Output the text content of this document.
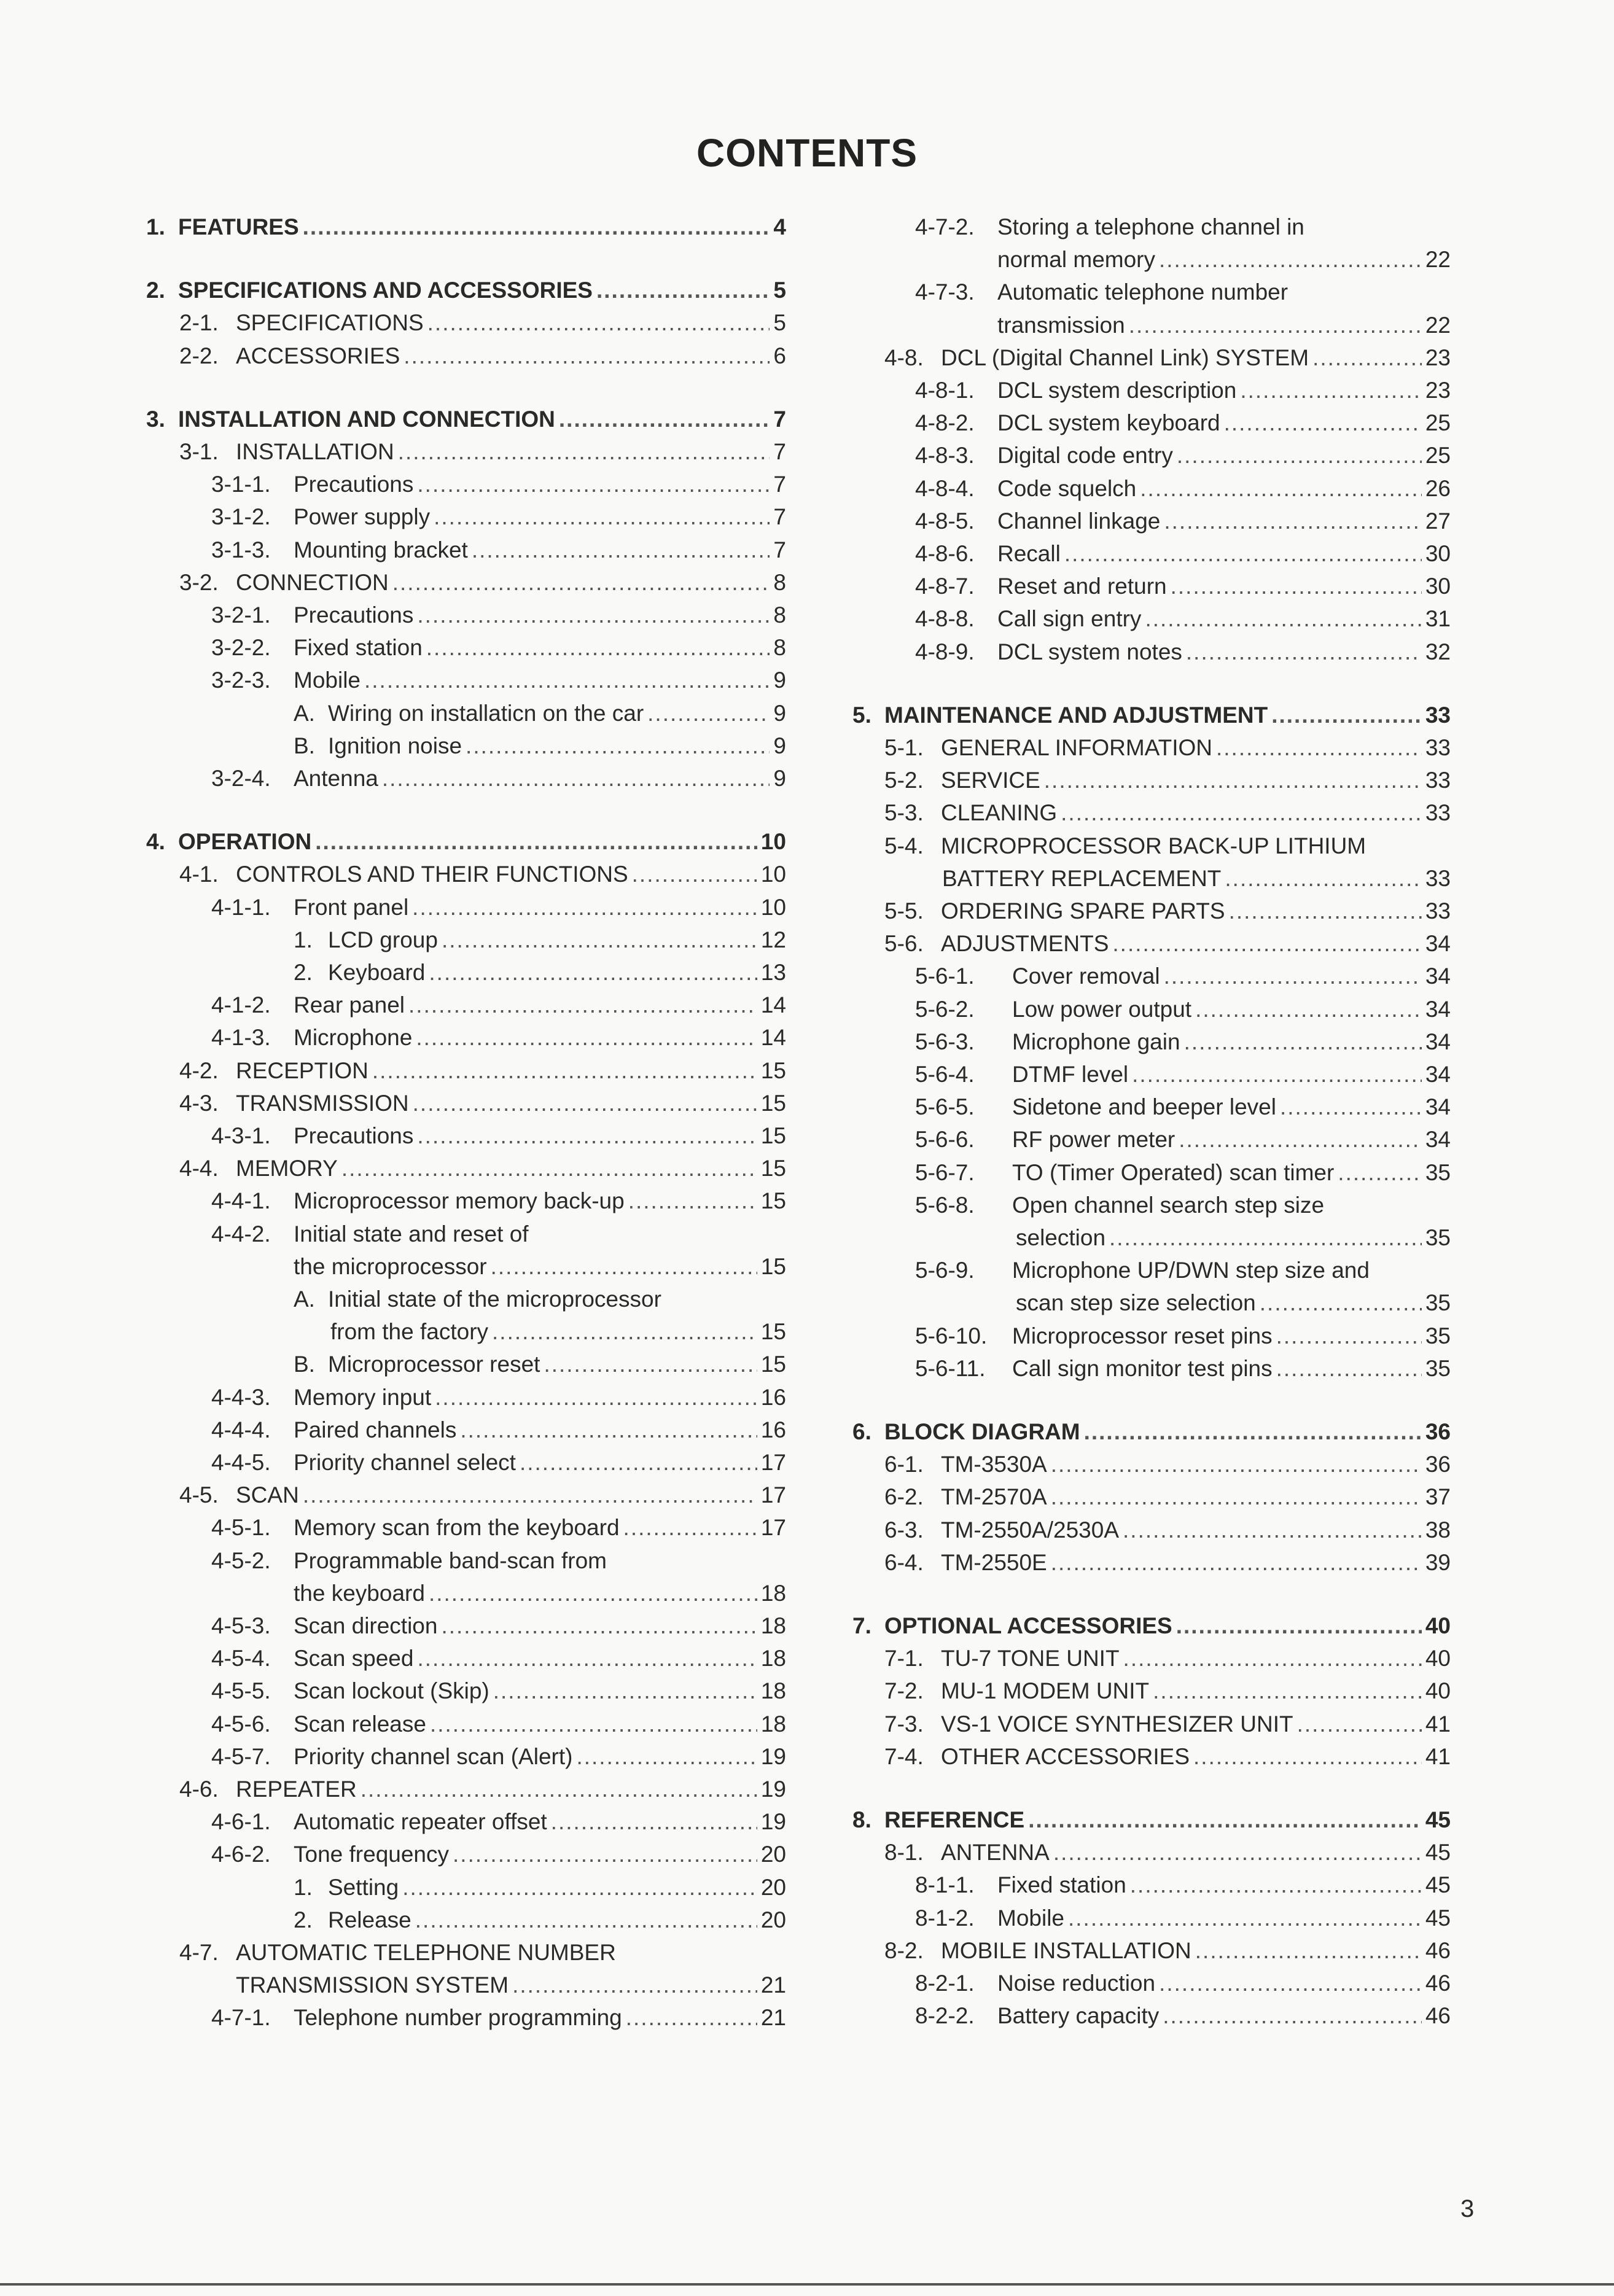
CONTENTS
1. FEATURES .....	4
2. SPECIFICATIONS AND ACCESSORIES .....	5
2-1. SPECIFICATIONS .....	5
2-2. ACCESSORIES .....	6
3. INSTALLATION AND CONNECTION .....	7
3-1. INSTALLATION .....	7
3-1-1.	Precautions .....	7
3-1-2.	Power supply .....	7
3-1-3.	Mounting bracket .....	7
3-2. CONNECTION .....	8
3-2-1.	Precautions .....	8
3-2-2.	Fixed station .....	8
3-2-3.	Mobile .....	9
A. Wiring on installaticn on the car .....	9
B. Ignition noise .....	9
3-2-4.	Antenna .....	9
4. OPERATION .....	10
4-1. CONTROLS AND THEIR FUNCTIONS .....	10
4-1-1.	Front panel .....	10
1. LCD group .....	12
2. Keyboard .....	13
4-1-2.	Rear panel .....	14
4-1-3.	Microphone .....	14
4-2. RECEPTION .....	15
4-3. TRANSMISSION .....	15
4-3-1.	Precautions .....	15
4-4. MEMORY .....	15
4-4-1.	Microprocessor memory back-up .....	15
4-4-2.	Initial state and reset of
the microprocessor .....	15
A. Initial state of the microprocessor
from the factory .....	15
B. Microprocessor reset .....	15
4-4-3.	Memory input .....	16
4-4-4.	Paired channels .....	16
4-4-5.	Priority channel select .....	17
4-5. SCAN .....	17
4-5-1.	Memory scan from the keyboard .....	17
4-5-2.	Programmable band-scan from
the keyboard .....	18
4-5-3.	Scan direction .....	18
4-5-4.	Scan speed .....	18
4-5-5.	Scan lockout (Skip) .....	18
4-5-6.	Scan release .....	18
4-5-7.	Priority channel scan (Alert) .....	19
4-6. REPEATER .....	19
4-6-1.	Automatic repeater offset .....	19
4-6-2.	Tone frequency .....	20
1. Setting .....	20
2. Release .....	20
4-7. AUTOMATIC TELEPHONE NUMBER
TRANSMISSION SYSTEM .....	21
4-7-1.	Telephone number programming .....	21
4-7-2.	Storing a telephone channel in
normal memory .....	22
4-7-3.	Automatic telephone number
transmission .....	22
4-8. DCL (Digital Channel Link) SYSTEM .....	23
4-8-1.	DCL system description .....	23
4-8-2.	DCL system keyboard .....	25
4-8-3.	Digital code entry .....	25
4-8-4.	Code squelch .....	26
4-8-5.	Channel linkage .....	27
4-8-6.	Recall .....	30
4-8-7.	Reset and return .....	30
4-8-8.	Call sign entry .....	31
4-8-9.	DCL system notes .....	32
5. MAINTENANCE AND ADJUSTMENT .....	33
5-1. GENERAL INFORMATION .....	33
5-2. SERVICE .....	33
5-3. CLEANING .....	33
5-4. MICROPROCESSOR BACK-UP LITHIUM
BATTERY REPLACEMENT .....	33
5-5. ORDERING SPARE PARTS .....	33
5-6. ADJUSTMENTS .....	34
5-6-1.	Cover removal .....	34
5-6-2.	Low power output .....	34
5-6-3.	Microphone gain .....	34
5-6-4.	DTMF level .....	34
5-6-5.	Sidetone and beeper level .....	34
5-6-6.	RF power meter .....	34
5-6-7.	TO (Timer Operated) scan timer .....	35
5-6-8.	Open channel search step size
selection .....	35
5-6-9.	Microphone UP/DWN step size and
scan step size selection .....	35
5-6-10.	Microprocessor reset pins .....	35
5-6-11.	Call sign monitor test pins .....	35
6. BLOCK DIAGRAM .....	36
6-1. TM-3530A .....	36
6-2. TM-2570A .....	37
6-3. TM-2550A/2530A .....	38
6-4. TM-2550E .....	39
7. OPTIONAL ACCESSORIES .....	40
7-1. TU-7 TONE UNIT .....	40
7-2. MU-1 MODEM UNIT .....	40
7-3. VS-1 VOICE SYNTHESIZER UNIT .....	41
7-4. OTHER ACCESSORIES .....	41
8. REFERENCE .....	45
8-1. ANTENNA .....	45
8-1-1.	Fixed station .....	45
8-1-2.	Mobile .....	45
8-2. MOBILE INSTALLATION .....	46
8-2-1.	Noise reduction .....	46
8-2-2.	Battery capacity .....	46
3
